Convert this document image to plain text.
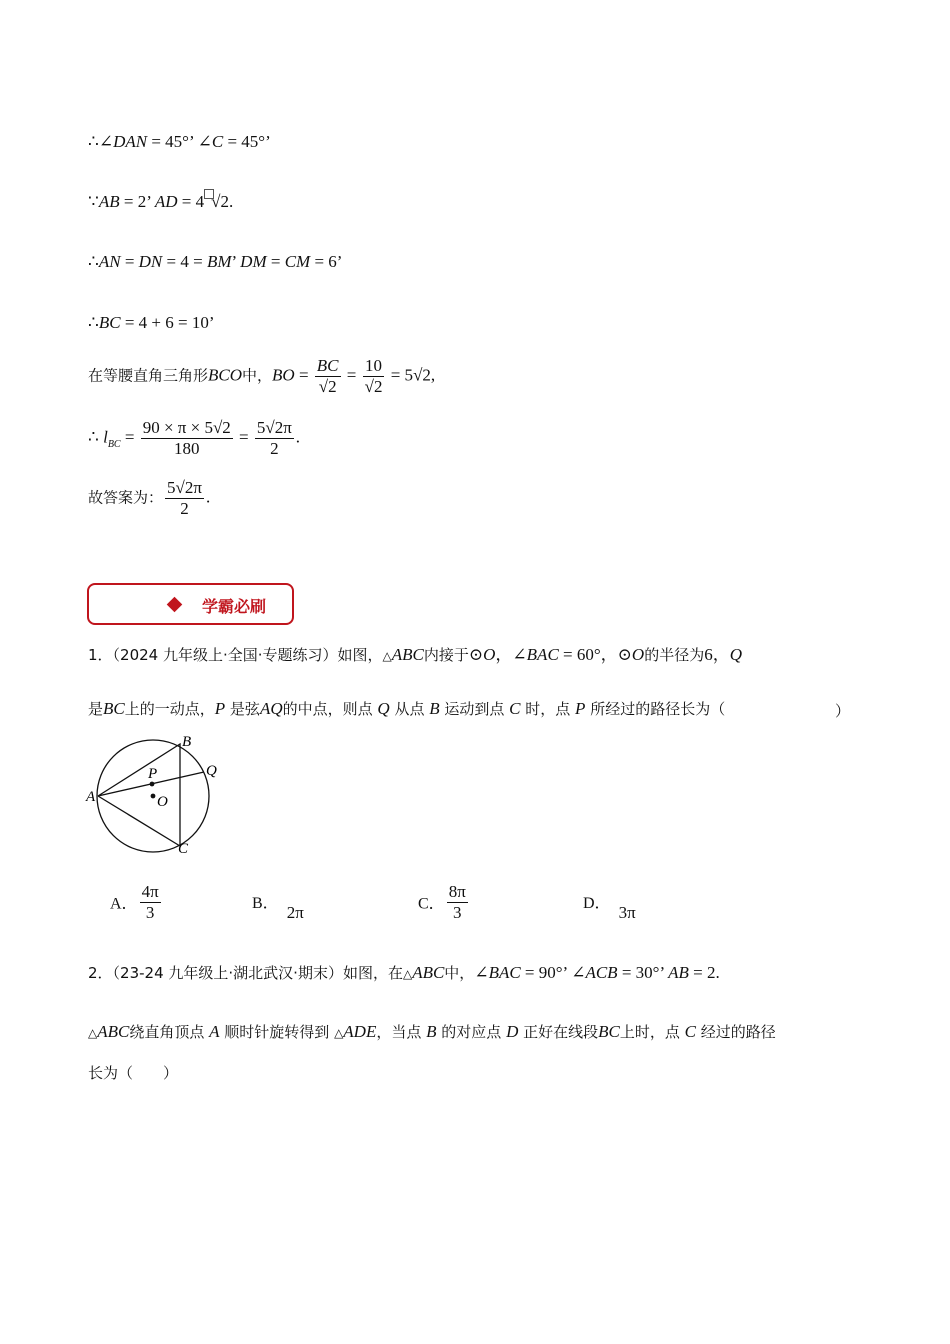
∴∠DAN = 45°’ ∠C = 45°’
∵AB = 2’ AD = 4 √2.
∴AN = DN = 4 = BM’ DM = CM = 6’
∴BC = 4 + 6 = 10’
在等腰直角三角形BCO中，BO = $\frac{BC}{√2} = \frac{10}{√2} = 5√2$,
∴ $l_{BC} = \frac{90 \times \pi \times 5√2}{180} = \frac{5√2\pi}{2}$ .
故答案为： $\frac{5√2\pi}{2}$ .
学霸必刷
1．（2024 九年级上·全国·专题练习）如图，△ABC内接于⊙O，∠BAC = 60°，⊙O的半径为6，Q
是BC上的一动点，P 是弦AQ的中点，则点 Q 从点 B 运动到点 C 时，点 P 所经过的路径长为（	）
A
B
C
P	Q
O
A． $\frac{4\pi}{3}$	B． 2π	C． $\frac{8\pi}{3}$	D． 3π
2．（23-24 九年级上·湖北武汉·期末）如图，在△ABC中，∠BAC = 90°’ ∠ACB = 30°’ AB = 2.
△ABC绕直角顶点 A 顺时针旋转得到 △ADE，当点 B 的对应点 D 正好在线段BC上时，点 C 经过的路径
长为（　　）
